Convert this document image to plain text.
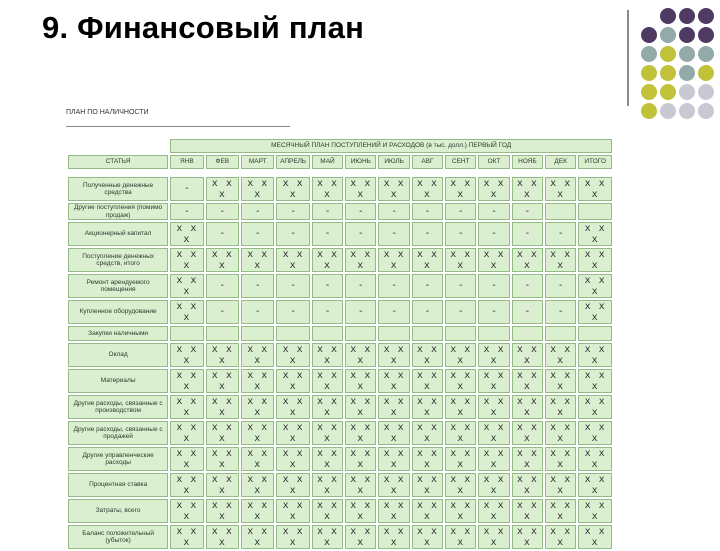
9. Финансовый план
ПЛАН ПО НАЛИЧНОСТИ
	МЕСЯЧНЫЙ ПЛАН ПОСТУПЛЕНИЙ И РАСХОДОВ (в тыс. долл.) ПЕРВЫЙ ГОД												
СТАТЬЯ	ЯНВ	ФЕВ	МАРТ	АПРЕЛЬ	МАЙ	ИЮНЬ	ИЮЛЬ	АВГ	СЕНТ	ОКТ	НОЯБ	ДЕК	ИТОГО

Полученные денежные средства	-	x x x	x x x	x x x	x x x	x x x	x x x	x x x	x x x	x x x	x x x	x x x	x x x
Другие поступления (помимо продаж)	-	-	-	-	-	-	-	-	-	-	-		
Акционерный капитал	x x x	-	-	-	-	-	-	-	-	-	-	-	x x x
Поступление денежных средств, итого	x x x	x x x	x x x	x x x	x x x	x x x	x x x	x x x	x x x	x x x	x x x	x x x	x x x
Ремонт арендуемого помещения	x x x	-	-	-	-	-	-	-	-	-	-	-	x x x
Купленное оборудование	x x x	-	-	-	-	-	-	-	-	-	-	-	x x x
Закупки наличными													
Оклад	x x x	x x x	x x x	x x x	x x x	x x x	x x x	x x x	x x x	x x x	x x x	x x x	x x x
Материалы	x x x	x x x	x x x	x x x	x x x	x x x	x x x	x x x	x x x	x x x	x x x	x x x	x x x
Другие расходы, связанные с производством	x x x	x x x	x x x	x x x	x x x	x x x	x x x	x x x	x x x	x x x	x x x	x x x	x x x
Другие расходы, связанные с продажей	x x x	x x x	x x x	x x x	x x x	x x x	x x x	x x x	x x x	x x x	x x x	x x x	x x x
Другие управленческие расходы	x x x	x x x	x x x	x x x	x x x	x x x	x x x	x x x	x x x	x x x	x x x	x x x	x x x
Процентная ставка	x x x	x x x	x x x	x x x	x x x	x x x	x x x	x x x	x x x	x x x	x x x	x x x	x x x
Затраты, всего	x x x	x x x	x x x	x x x	x x x	x x x	x x x	x x x	x x x	x x x	x x x	x x x	x x x
Баланс положительный (убыток)	x x x	x x x	x x x	x x x	x x x	x x x	x x x	x x x	x x x	x x x	x x x	x x x	x x x
